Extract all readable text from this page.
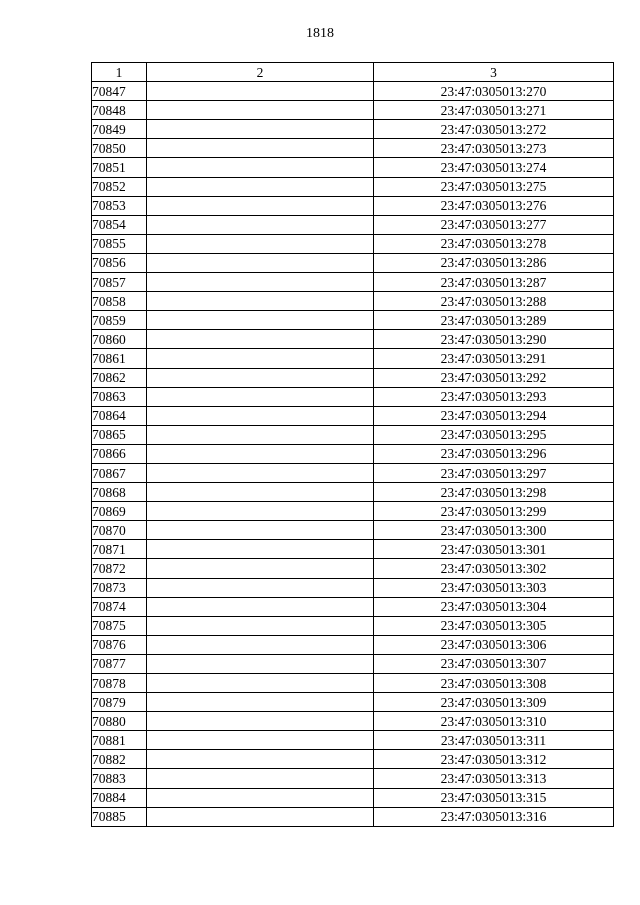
1818
1	2	3
70847		23:47:0305013:270
70848		23:47:0305013:271
70849		23:47:0305013:272
70850		23:47:0305013:273
70851		23:47:0305013:274
70852		23:47:0305013:275
70853		23:47:0305013:276
70854		23:47:0305013:277
70855		23:47:0305013:278
70856		23:47:0305013:286
70857		23:47:0305013:287
70858		23:47:0305013:288
70859		23:47:0305013:289
70860		23:47:0305013:290
70861		23:47:0305013:291
70862		23:47:0305013:292
70863		23:47:0305013:293
70864		23:47:0305013:294
70865		23:47:0305013:295
70866		23:47:0305013:296
70867		23:47:0305013:297
70868		23:47:0305013:298
70869		23:47:0305013:299
70870		23:47:0305013:300
70871		23:47:0305013:301
70872		23:47:0305013:302
70873		23:47:0305013:303
70874		23:47:0305013:304
70875		23:47:0305013:305
70876		23:47:0305013:306
70877		23:47:0305013:307
70878		23:47:0305013:308
70879		23:47:0305013:309
70880		23:47:0305013:310
70881		23:47:0305013:311
70882		23:47:0305013:312
70883		23:47:0305013:313
70884		23:47:0305013:315
70885		23:47:0305013:316
